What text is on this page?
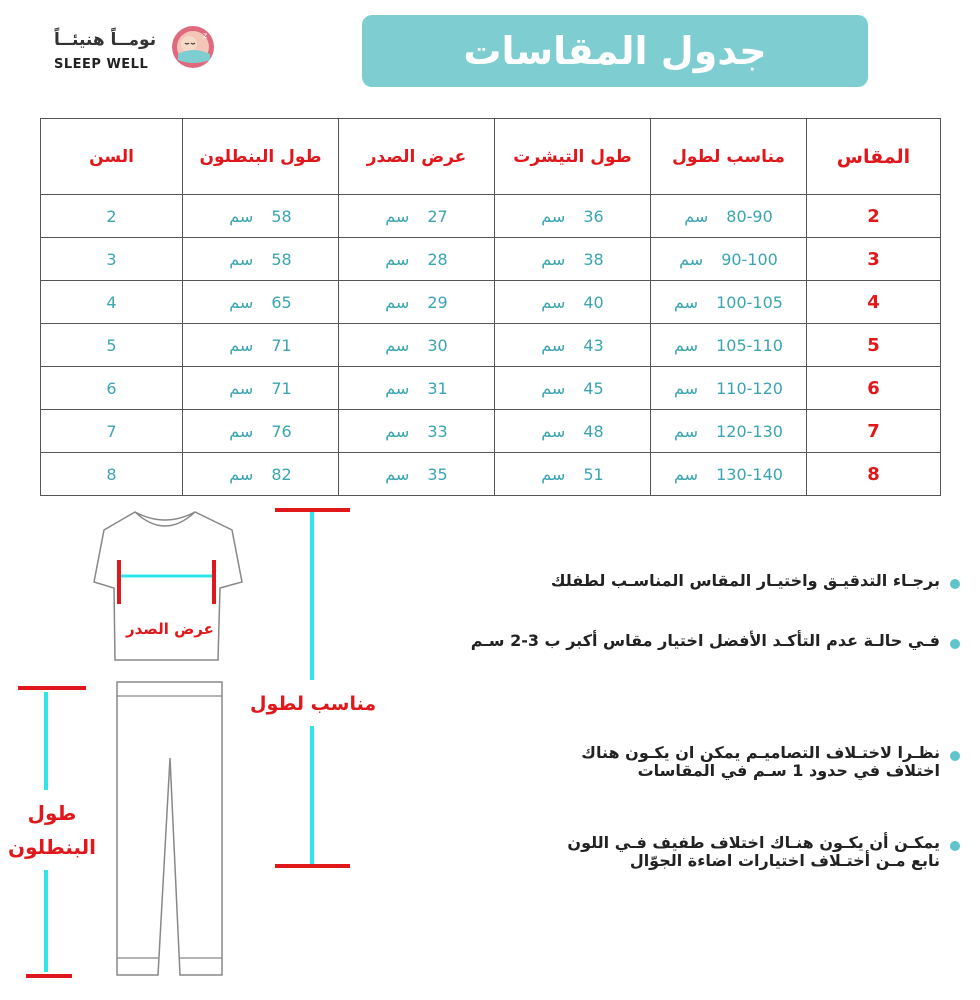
جدول المقاسات
نومــاً هنيئــاً
SLEEP WELL
z
المقاس	مناسب لطول	طول التيشرت	عرض الصدر	طول البنطلون	السن
2	80-90سم	36سم	27سم	58سم	2
3	90-100سم	38سم	28سم	58سم	3
4	100-105سم	40سم	29سم	65سم	4
5	105-110سم	43سم	30سم	71سم	5
6	110-120سم	45سم	31سم	71سم	6
7	120-130سم	48سم	33سم	76سم	7
8	130-140سم	51سم	35سم	82سم	8
عرض الصدر
مناسب لطول
طول البنطلون
برجـاء التدقيـق واختيـار المقاس المناسـب لطفلك
فـي حالـة عدم التأكـد الأفضل اختيار مقاس أكبر ب 3-2 سـم
نظـرا لاختـلاف التصاميـم يمكن ان يكـون هناك اختلاف في حدود 1 سـم في المقاسات
يمكـن أن يكـون هنـاك اختلاف طفيف فـي اللون نابع مـن أختـلاف اختيارات اضاءة الجوّال
